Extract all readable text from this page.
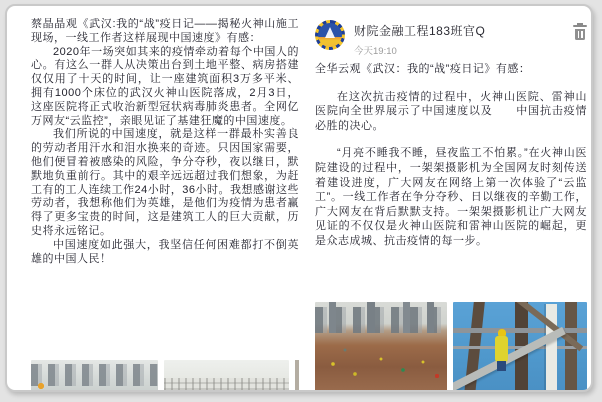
蔡晶晶观《武汉:我的“战”疫日记——揭秘火神山施工现场，一线工作者这样展现中国速度》有感：

2020年一场突如其来的疫情牵动着每个中国人的心。有这么一群人从决策出台到土地平整、病房搭建仅仅用了十天的时间，让一座建筑面积3万多平米、拥有1000个床位的武汉火神山医院落成，2月3日，这座医院将正式收治新型冠状病毒肺炎患者。全网亿万网友“云监控”，亲眼见证了基建狂魔的中国速度。

我们所说的中国速度，就是这样一群最朴实善良的劳动者用汗水和泪水换来的奇迹。只因国家需要，他们便冒着被感染的风险，争分夺秒，夜以继日，默默地负重前行。其中的艰辛远远超过我们想象，为赶工有的工人连续工作24小时，36小时。我想感谢这些劳动者，我想称他们为英雄，是他们为疫情为患者赢得了更多宝贵的时间，这是建筑工人的巨大贡献，历史将永远铭记。

中国速度如此强大，我坚信任何困难都打不倒英雄的中国人民！

财院金融工程183班官Q
今天19:10

全华云观《武汉：我的“战”疫日记》有感：

在这次抗击疫情的过程中，火神山医院、雷神山医院向全世界展示了中国速度以及　　中国抗击疫情必胜的决心。

“月亮不睡我不睡，昼夜监工不怕累。”在火神山医院建设的过程中，一架架摄影机为全国网友时刻传送着建设进度，广大网友在网络上第一次体验了“云监工”。一线工作者在争分夺秒、日以继夜的辛勤工作，广大网友在背后默默支持。一架架摄影机让广大网友见证的不仅仅是火神山医院和雷神山医院的崛起，更是众志成城、抗击疫情的每一步。
